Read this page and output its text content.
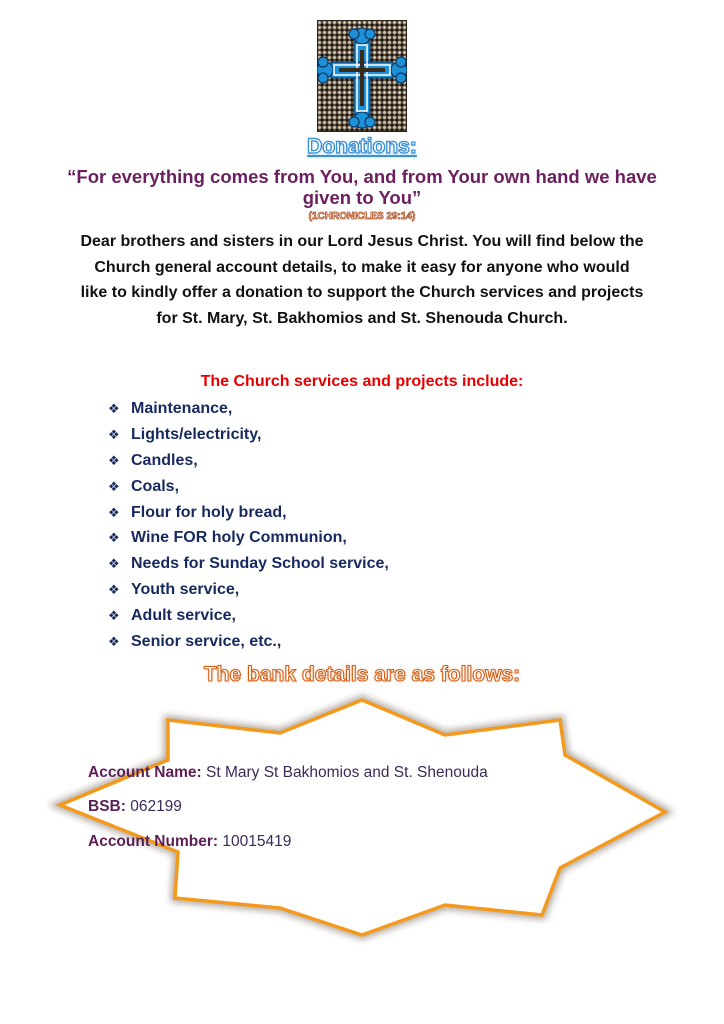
Donations:
“For everything comes from You, and from Your own hand we have given to You”
(1CHRONICLES 29:14)
Dear brothers and sisters in our Lord Jesus Christ. You will find below the Church general account details, to make it easy for anyone who would like to kindly offer a donation to support the Church services and projects for St. Mary, St. Bakhomios and St. Shenouda Church.
The Church services and projects include:
❖ Maintenance,
❖ Lights/electricity,
❖ Candles,
❖ Coals,
❖ Flour for holy bread,
❖ Wine FOR holy Communion,
❖ Needs for Sunday School service,
❖ Youth service,
❖ Adult service,
❖ Senior service, etc.,
The bank details are as follows:
Account Name: St Mary St Bakhomios and St. Shenouda
BSB: 062199
Account Number: 10015419
